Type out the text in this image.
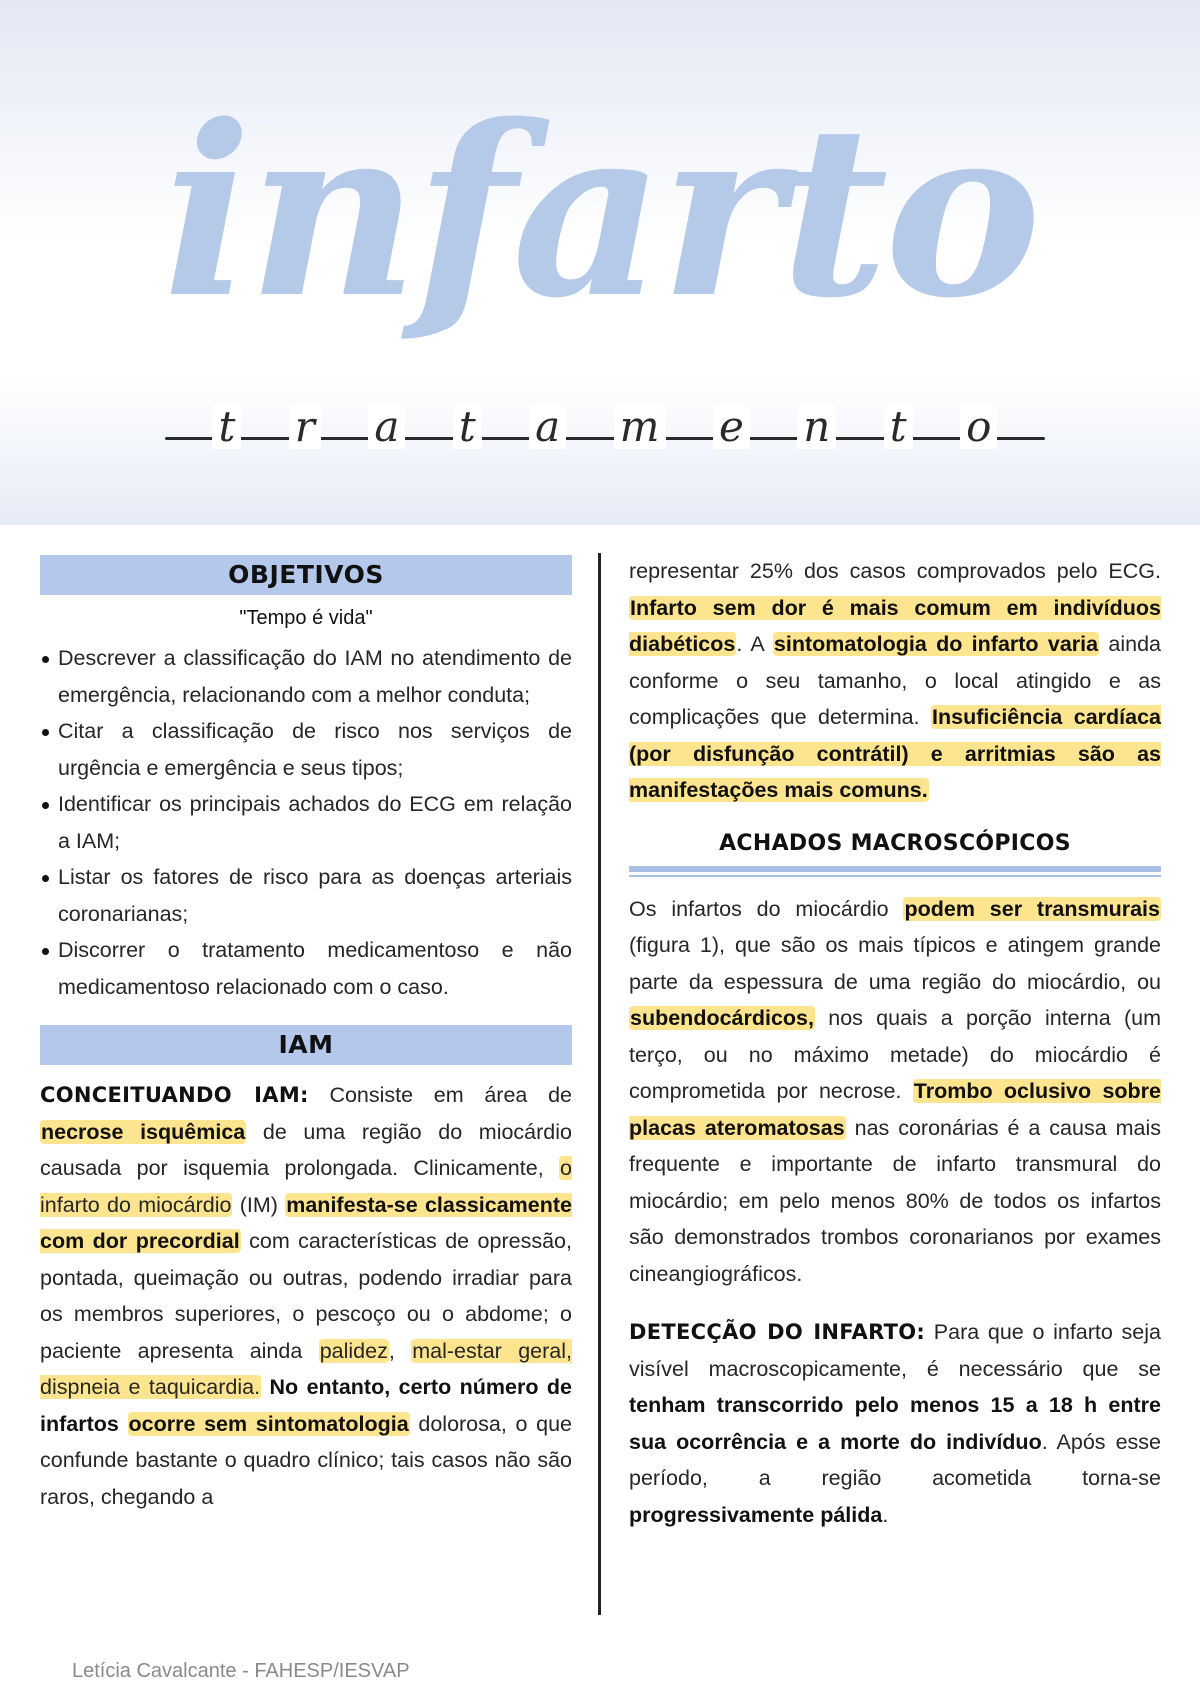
infarto
t r a t a m e n t o
OBJETIVOS
"Tempo é vida"
Descrever a classificação do IAM no atendimento de emergência, relacionando com a melhor conduta;
Citar a classificação de risco nos serviços de urgência e emergência e seus tipos;
Identificar os principais achados do ECG em relação a IAM;
Listar os fatores de risco para as doenças arteriais coronarianas;
Discorrer o tratamento medicamentoso e não medicamentoso relacionado com o caso.
IAM

CONCEITUANDO IAM: Consiste em área de necrose isquêmica de uma região do miocárdio causada por isquemia prolongada. Clinicamente, o infarto do miocárdio (IM) manifesta-se classicamente com dor precordial com características de opressão, pontada, queimação ou outras, podendo irradiar para os membros superiores, o pescoço ou o abdome; o paciente apresenta ainda palidez, mal-estar geral, dispneia e taquicardia. No entanto, certo número de infartos ocorre sem sintomatologia dolorosa, o que confunde bastante o quadro clínico; tais casos não são raros, chegando a

representar 25% dos casos comprovados pelo ECG. Infarto sem dor é mais comum em indivíduos diabéticos. A sintomatologia do infarto varia ainda conforme o seu tamanho, o local atingido e as complicações que determina. Insuficiência cardíaca (por disfunção contrátil) e arritmias são as manifestações mais comuns.

ACHADOS MACROSCÓPICOS

Os infartos do miocárdio podem ser transmurais (figura 1), que são os mais típicos e atingem grande parte da espessura de uma região do miocárdio, ou subendocárdicos, nos quais a porção interna (um terço, ou no máximo metade) do miocárdio é comprometida por necrose. Trombo oclusivo sobre placas ateromatosas nas coronárias é a causa mais frequente e importante de infarto transmural do miocárdio; em pelo menos 80% de todos os infartos são demonstrados trombos coronarianos por exames cineangiográficos.

DETECÇÃO DO INFARTO: Para que o infarto seja visível macroscopicamente, é necessário que se tenham transcorrido pelo menos 15 a 18 h entre sua ocorrência e a morte do indivíduo. Após esse período, a região acometida torna-se progressivamente pálida.

Letícia Cavalcante - FAHESP/IESVAP
